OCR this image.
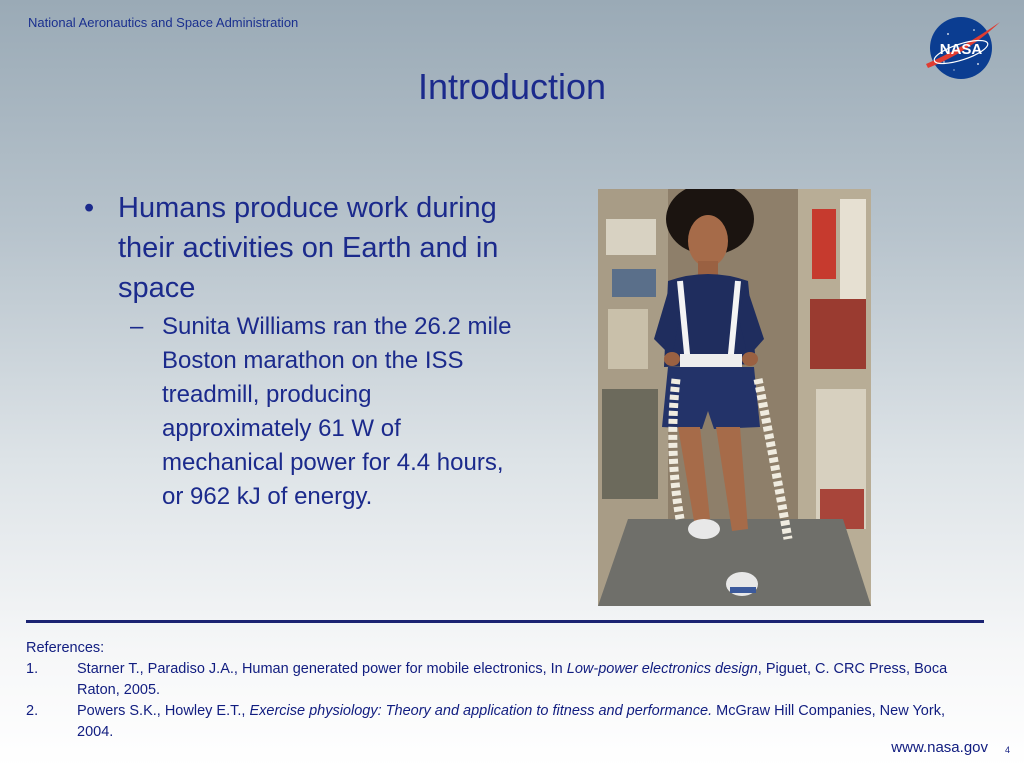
National Aeronautics and Space Administration
NASA
Introduction
• Humans produce work during their activities on Earth and in space
– Sunita Williams ran the 26.2 mile Boston marathon on the ISS treadmill, producing approximately 61 W of mechanical power for 4.4 hours, or 962 kJ of energy.
References:
1.	Starner T., Paradiso J.A., Human generated power for mobile electronics, In Low-power electronics design, Piguet, C. CRC Press, Boca Raton, 2005.
2.	Powers S.K., Howley E.T., Exercise physiology: Theory and application to fitness and performance. McGraw Hill Companies, New York, 2004.
www.nasa.gov 4
